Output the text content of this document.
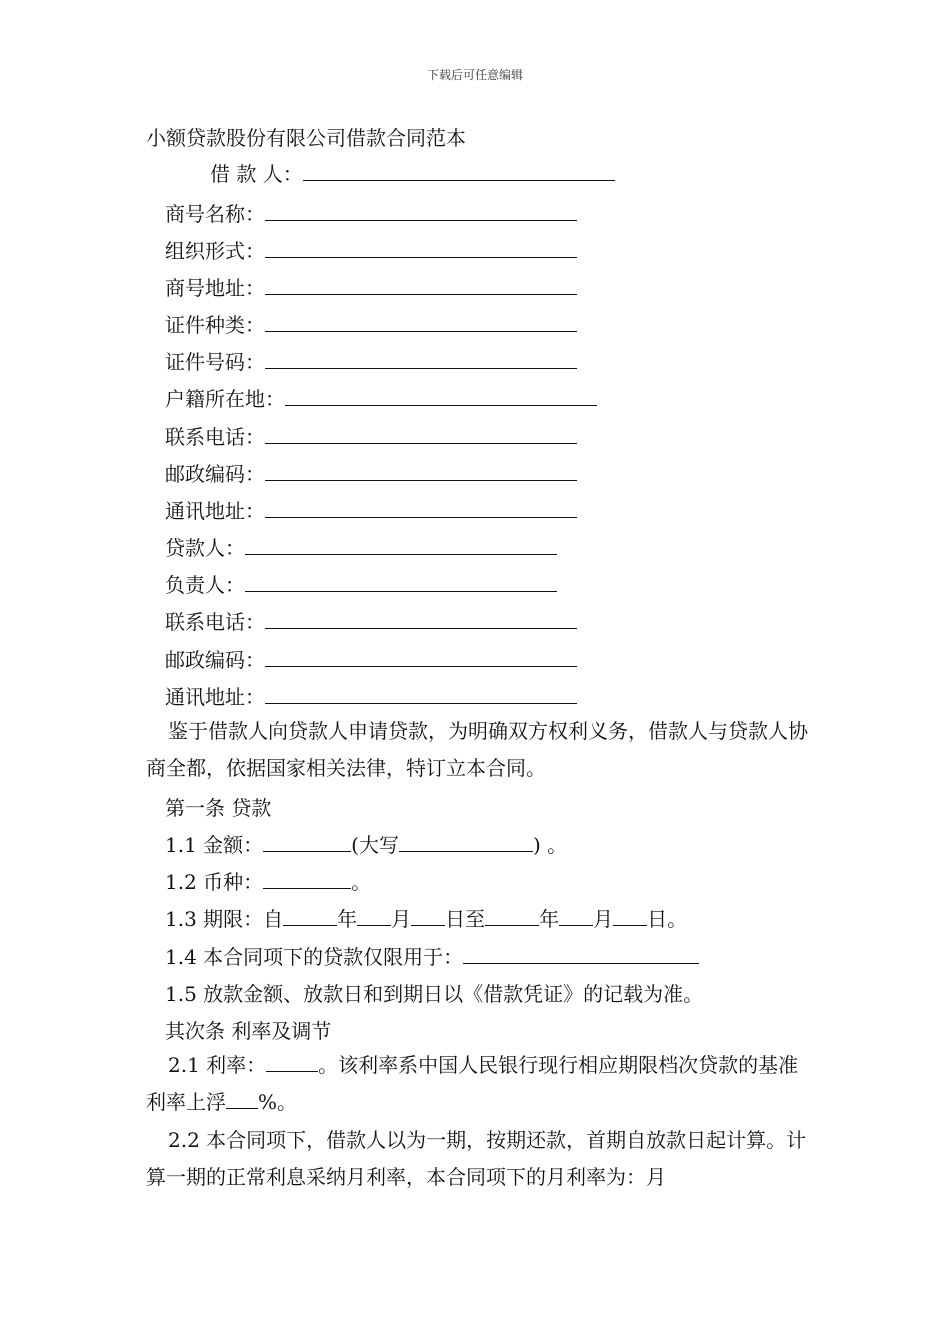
下载后可任意编辑
小额贷款股份有限公司借款合同范本
借 款 人：
商号名称：
组织形式：
商号地址：
证件种类：
证件号码：
户籍所在地：
联系电话：
邮政编码：
通讯地址：
贷款人：
负责人：
联系电话：
邮政编码：
通讯地址：
鉴于借款人向贷款人申请贷款，为明确双方权利义务，借款人与贷款人协商全都，依据国家相关法律，特订立本合同。
第一条 贷款
1.1 金额：	(大写	) 。
1.2 币种：	。
1.3 期限：自	年 月 日至	年 月 日。
1.4 本合同项下的贷款仅限用于：
1.5 放款金额、放款日和到期日以《借款凭证》的记载为准。
其次条 利率及调节
2.1 利率：	。该利率系中国人民银行现行相应期限档次贷款的基准利率上浮 %。
2.2 本合同项下，借款人以为一期，按期还款，首期自放款日起计算。计算一期的正常利息采纳月利率，本合同项下的月利率为：月
